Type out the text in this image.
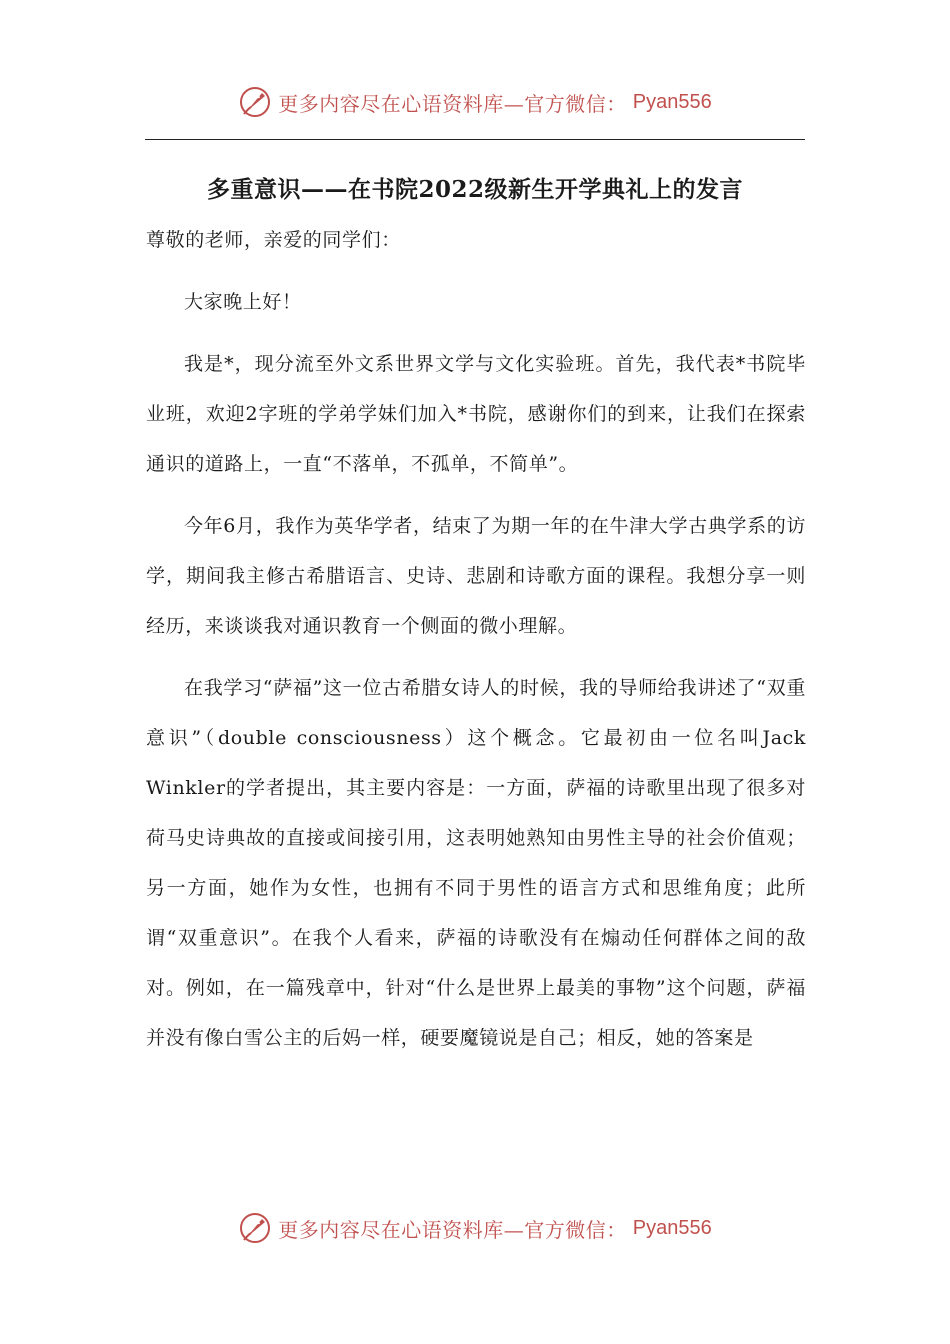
更多内容尽在心语资料库—官方微信： Pyan556
多重意识——在书院2022级新生开学典礼上的发言

尊敬的老师，亲爱的同学们：

大家晚上好！

我是*，现分流至外文系世界文学与文化实验班。首先，我代表*书院毕业班，欢迎2字班的学弟学妹们加入*书院，感谢你们的到来，让我们在探索通识的道路上，一直“不落单，不孤单，不简单”。

今年6月，我作为英华学者，结束了为期一年的在牛津大学古典学系的访学，期间我主修古希腊语言、史诗、悲剧和诗歌方面的课程。我想分享一则经历，来谈谈我对通识教育一个侧面的微小理解。

在我学习“萨福”这一位古希腊女诗人的时候，我的导师给我讲述了“双重意识”（double consciousness）这个概念。它最初由一位名叫Jack Winkler的学者提出，其主要内容是：一方面，萨福的诗歌里出现了很多对荷马史诗典故的直接或间接引用，这表明她熟知由男性主导的社会价值观；另一方面，她作为女性，也拥有不同于男性的语言方式和思维角度；此所谓“双重意识”。在我个人看来，萨福的诗歌没有在煽动任何群体之间的敌对。例如，在一篇残章中，针对“什么是世界上最美的事物”这个问题，萨福并没有像白雪公主的后妈一样，硬要魔镜说是自己；相反，她的答案是

更多内容尽在心语资料库—官方微信： Pyan556
